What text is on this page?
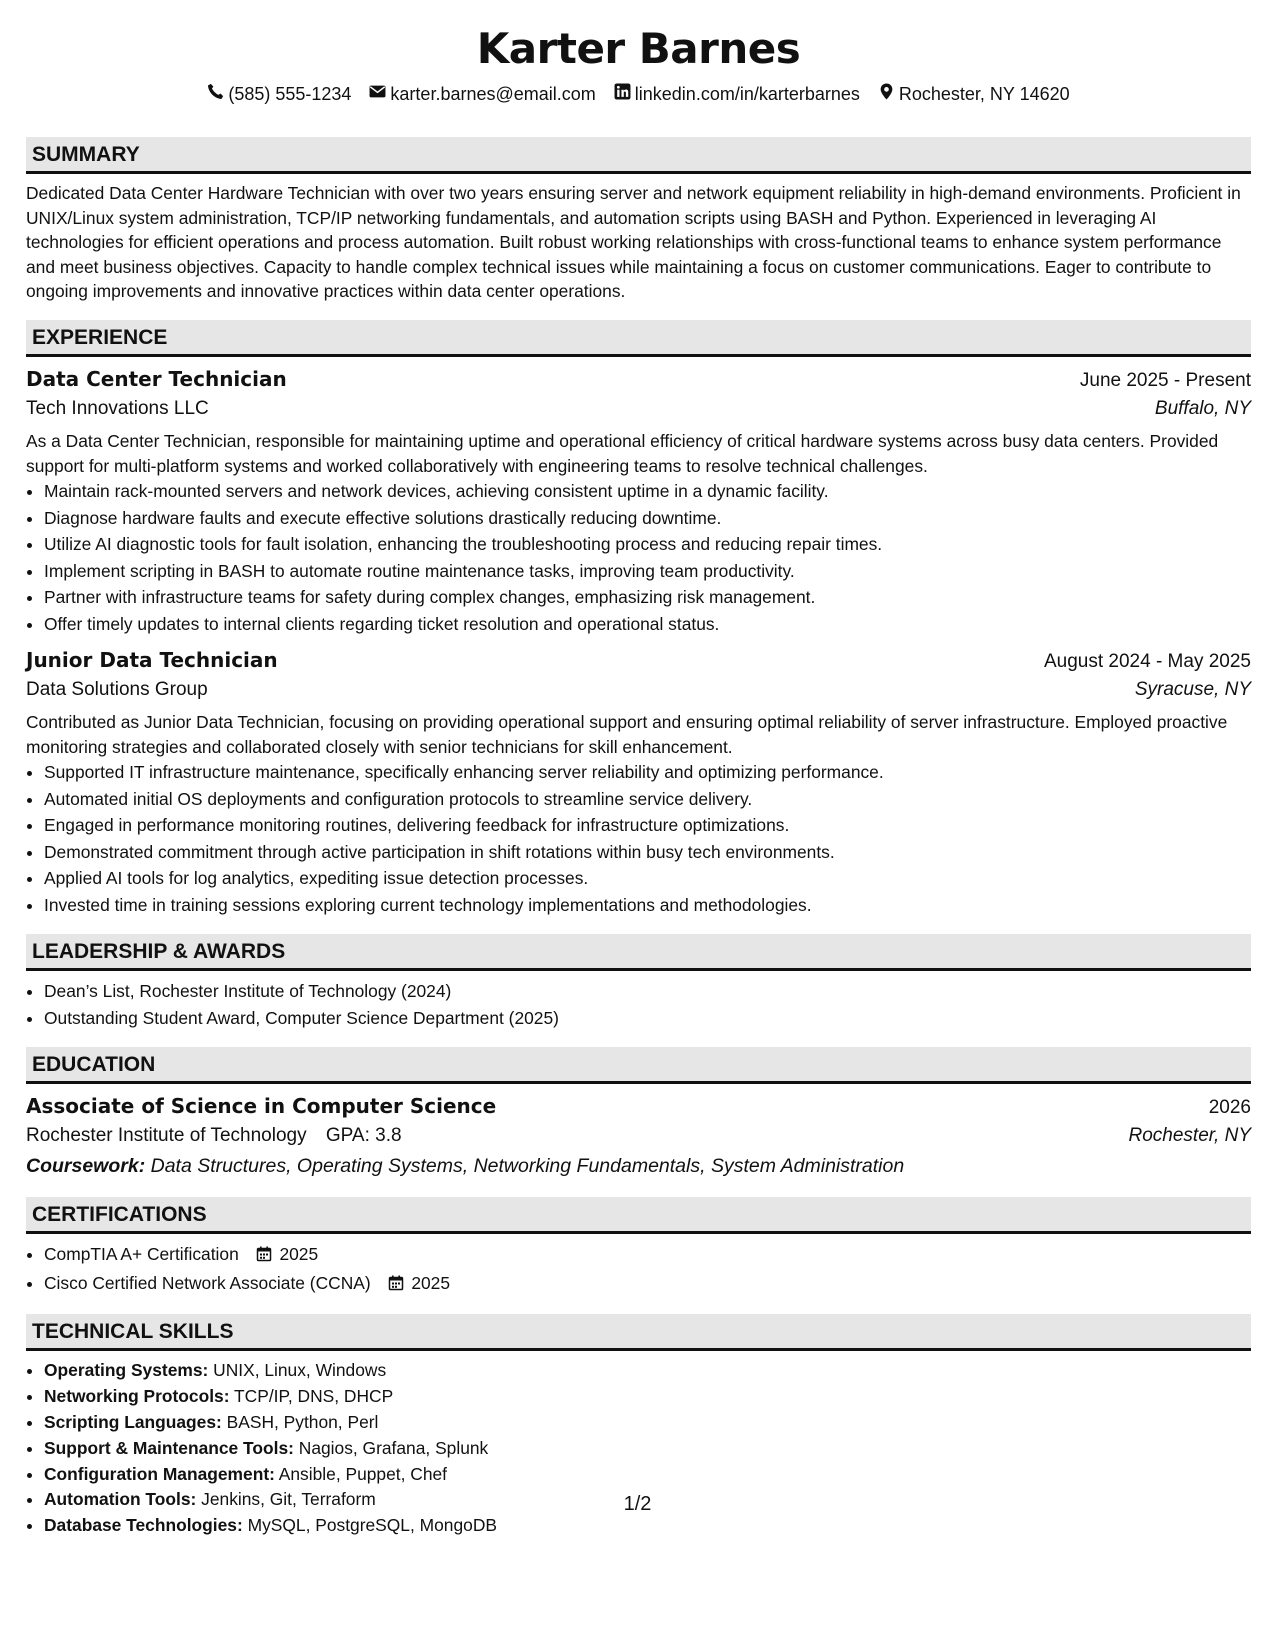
Karter Barnes
(585) 555-1234 karter.barnes@email.com linkedin.com/in/karterbarnes Rochester, NY 14620
SUMMARY
Dedicated Data Center Hardware Technician with over two years ensuring server and network equipment reliability in high-demand environments. Proficient in UNIX/Linux system administration, TCP/IP networking fundamentals, and automation scripts using BASH and Python. Experienced in leveraging AI technologies for efficient operations and process automation. Built robust working relationships with cross-functional teams to enhance system performance and meet business objectives. Capacity to handle complex technical issues while maintaining a focus on customer communications. Eager to contribute to ongoing improvements and innovative practices within data center operations.
EXPERIENCE
Data Center Technician	June 2025 - Present
Tech Innovations LLC	Buffalo, NY
As a Data Center Technician, responsible for maintaining uptime and operational efficiency of critical hardware systems across busy data centers. Provided support for multi-platform systems and worked collaboratively with engineering teams to resolve technical challenges.
• Maintain rack-mounted servers and network devices, achieving consistent uptime in a dynamic facility.
• Diagnose hardware faults and execute effective solutions drastically reducing downtime.
• Utilize AI diagnostic tools for fault isolation, enhancing the troubleshooting process and reducing repair times.
• Implement scripting in BASH to automate routine maintenance tasks, improving team productivity.
• Partner with infrastructure teams for safety during complex changes, emphasizing risk management.
• Offer timely updates to internal clients regarding ticket resolution and operational status.
Junior Data Technician	August 2024 - May 2025
Data Solutions Group	Syracuse, NY
Contributed as Junior Data Technician, focusing on providing operational support and ensuring optimal reliability of server infrastructure. Employed proactive monitoring strategies and collaborated closely with senior technicians for skill enhancement.
• Supported IT infrastructure maintenance, specifically enhancing server reliability and optimizing performance.
• Automated initial OS deployments and configuration protocols to streamline service delivery.
• Engaged in performance monitoring routines, delivering feedback for infrastructure optimizations.
• Demonstrated commitment through active participation in shift rotations within busy tech environments.
• Applied AI tools for log analytics, expediting issue detection processes.
• Invested time in training sessions exploring current technology implementations and methodologies.
LEADERSHIP & AWARDS
• Dean’s List, Rochester Institute of Technology (2024)
• Outstanding Student Award, Computer Science Department (2025)
EDUCATION
Associate of Science in Computer Science	2026
Rochester Institute of Technology GPA: 3.8	Rochester, NY
Coursework: Data Structures, Operating Systems, Networking Fundamentals, System Administration
CERTIFICATIONS
• CompTIA A+ Certification 2025
• Cisco Certified Network Associate (CCNA) 2025
TECHNICAL SKILLS
• Operating Systems: UNIX, Linux, Windows
• Networking Protocols: TCP/IP, DNS, DHCP
• Scripting Languages: BASH, Python, Perl
• Support & Maintenance Tools: Nagios, Grafana, Splunk
• Configuration Management: Ansible, Puppet, Chef
• Automation Tools: Jenkins, Git, Terraform
• Database Technologies: MySQL, PostgreSQL, MongoDB
1/2
